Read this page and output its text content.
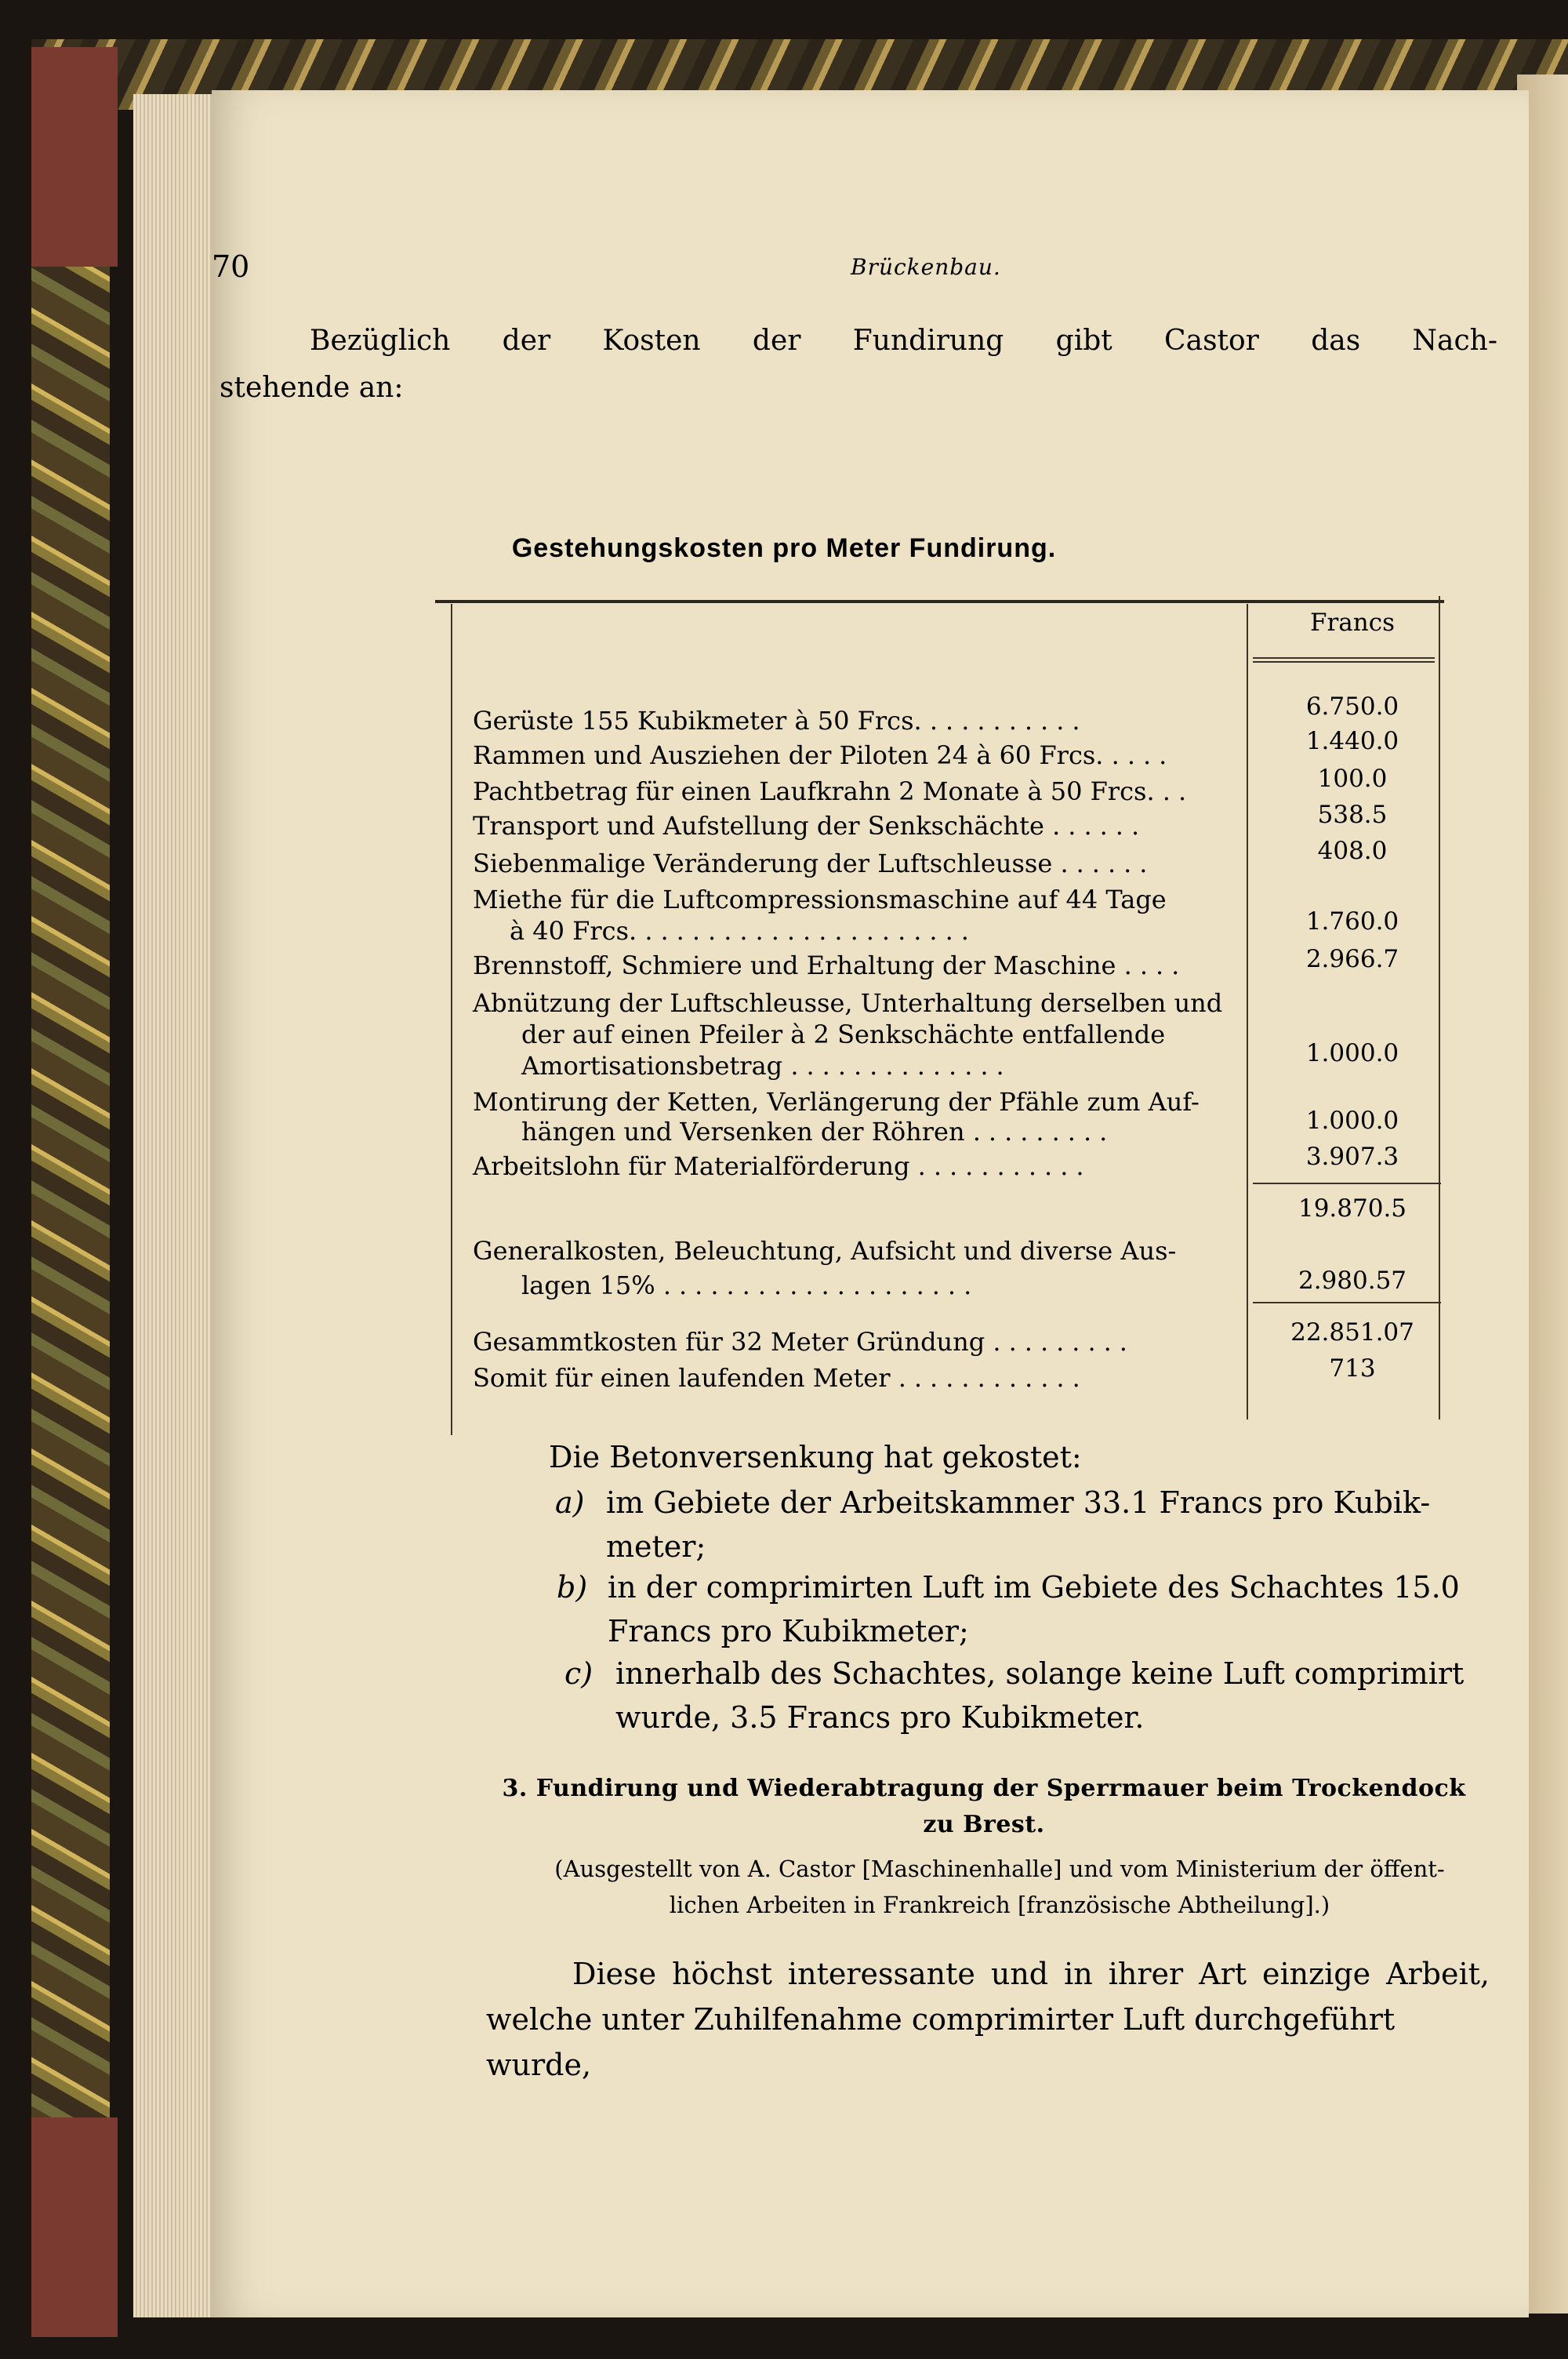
70	Brückenbau.
Bezüglich der Kosten der Fundirung gibt Castor das Nach-
stehende an:
Gestehungskosten pro Meter Fundirung.
Francs
Gerüste 155 Kubikmeter à 50 Frcs. ..........	6.750.0
Rammen und Ausziehen der Piloten 24 à 60 Frcs. ....	1.440.0
Pachtbetrag für einen Laufkrahn 2 Monate à 50 Frcs. ..	100.0
Transport und Aufstellung der Senkschächte ......	538.5
Siebenmalige Veränderung der Luftschleusse ......	408.0
Miethe für die Luftcompressionsmaschine auf 44 Tage
à 40 Frcs. .....................	1.760.0
Brennstoff, Schmiere und Erhaltung der Maschine ....	2.966.7
Abnützung der Luftschleusse, Unterhaltung derselben und
der auf einen Pfeiler à 2 Senkschächte entfallende
Amortisationsbetrag ..............	1.000.0
Montirung der Ketten, Verlängerung der Pfähle zum Auf-
hängen und Versenken der Röhren .........	1.000.0
Arbeitslohn für Materialförderung ...........	3.907.3
19.870.5
Generalkosten, Beleuchtung, Aufsicht und diverse Aus-
lagen 15% ....................	2.980.57
Gesammtkosten für 32 Meter Gründung .........	22.851.07
Somit für einen laufenden Meter ............	713
Die Betonversenkung hat gekostet:
a) im Gebiete der Arbeitskammer 33.1 Francs pro Kubik-
meter;
b) in der comprimirten Luft im Gebiete des Schachtes 15.0
Francs pro Kubikmeter;
c) innerhalb des Schachtes, solange keine Luft comprimirt
wurde, 3.5 Francs pro Kubikmeter.
3. Fundirung und Wiederabtragung der Sperrmauer beim Trockendock
zu Brest.
(Ausgestellt von A. Castor [Maschinenhalle] und vom Ministerium der öffent-
lichen Arbeiten in Frankreich [französische Abtheilung].)
Diese höchst interessante und in ihrer Art einzige Arbeit,
welche unter Zuhilfenahme comprimirter Luft durchgeführt wurde,
